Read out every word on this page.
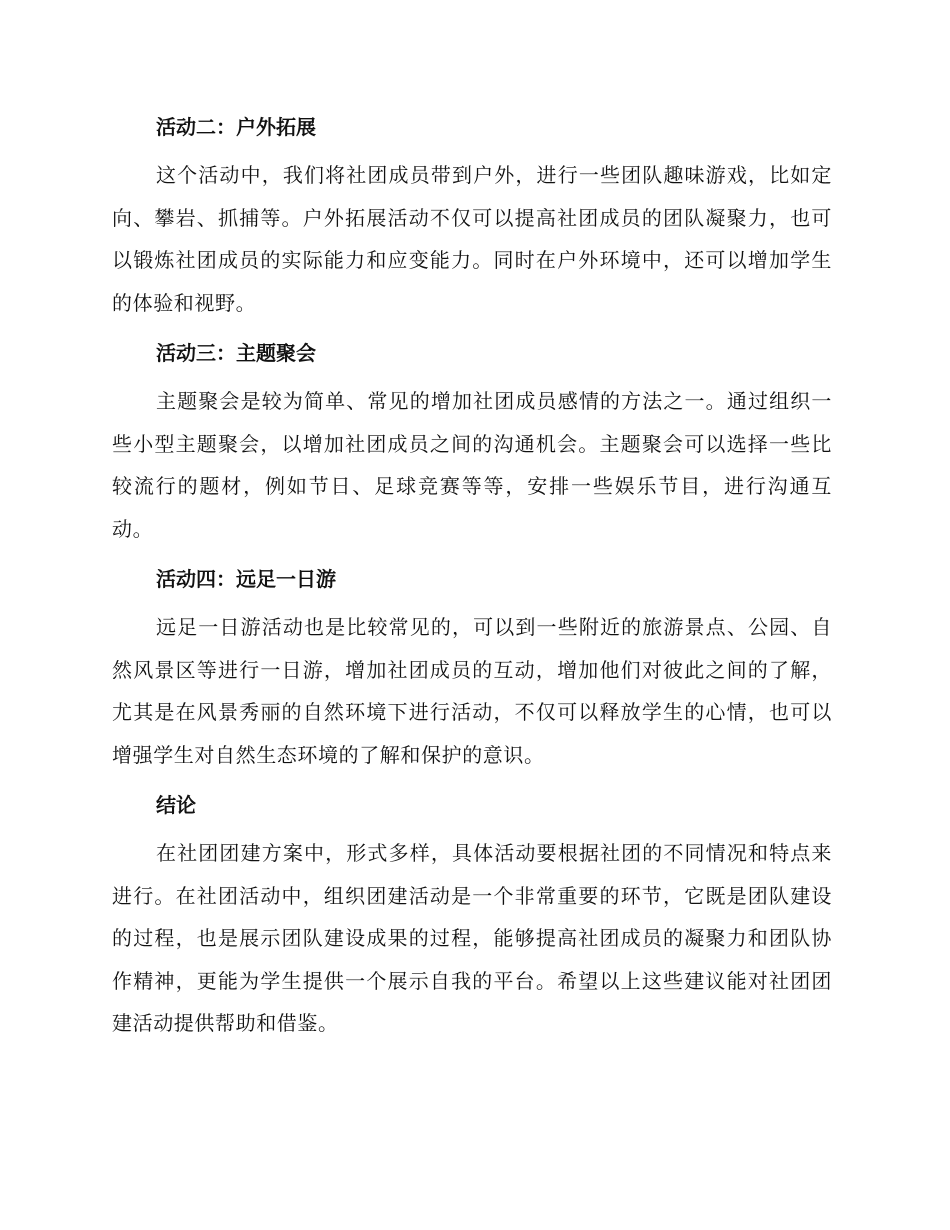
活动二：户外拓展

这个活动中，我们将社团成员带到户外，进行一些团队趣味游戏，比如定向、攀岩、抓捕等。户外拓展活动不仅可以提高社团成员的团队凝聚力，也可以锻炼社团成员的实际能力和应变能力。同时在户外环境中，还可以增加学生的体验和视野。

活动三：主题聚会

主题聚会是较为简单、常见的增加社团成员感情的方法之一。通过组织一些小型主题聚会，以增加社团成员之间的沟通机会。主题聚会可以选择一些比较流行的题材，例如节日、足球竞赛等等，安排一些娱乐节目，进行沟通互动。

活动四：远足一日游

远足一日游活动也是比较常见的，可以到一些附近的旅游景点、公园、自然风景区等进行一日游，增加社团成员的互动，增加他们对彼此之间的了解，尤其是在风景秀丽的自然环境下进行活动，不仅可以释放学生的心情，也可以增强学生对自然生态环境的了解和保护的意识。

结论

在社团团建方案中，形式多样，具体活动要根据社团的不同情况和特点来进行。在社团活动中，组织团建活动是一个非常重要的环节，它既是团队建设的过程，也是展示团队建设成果的过程，能够提高社团成员的凝聚力和团队协作精神，更能为学生提供一个展示自我的平台。希望以上这些建议能对社团团建活动提供帮助和借鉴。
